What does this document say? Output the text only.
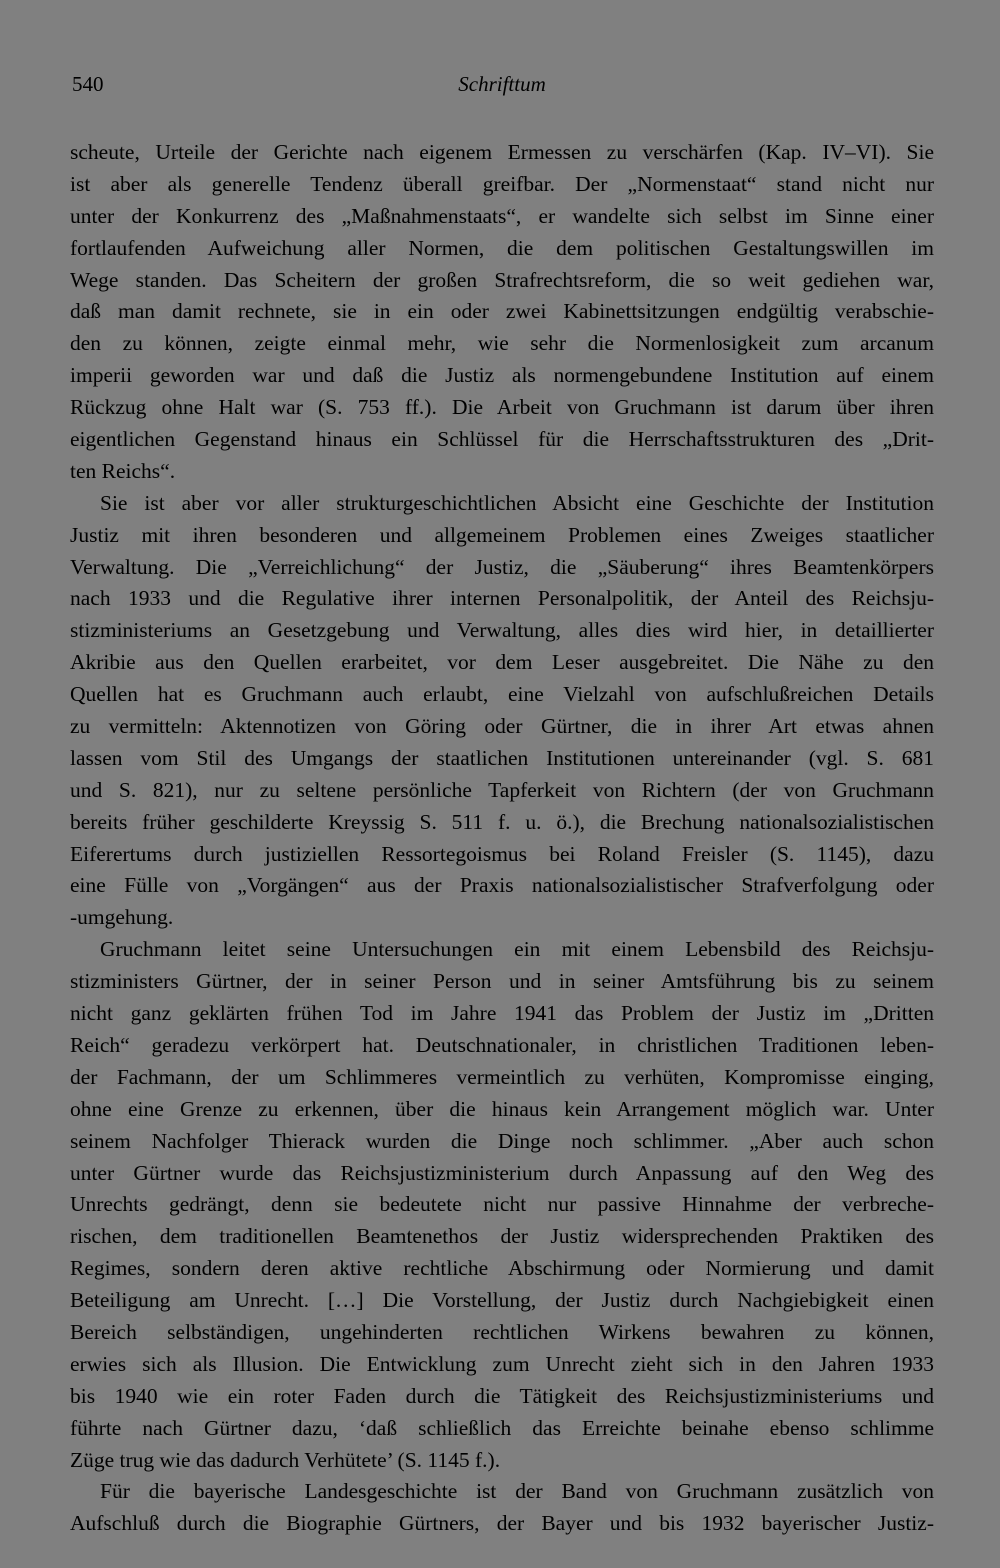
540	Schrifttum
scheute, Urteile der Gerichte nach eigenem Ermessen zu verschärfen (Kap. IV–VI). Sie
ist aber als generelle Tendenz überall greifbar. Der „Normenstaat“ stand nicht nur
unter der Konkurrenz des „Maßnahmenstaats“, er wandelte sich selbst im Sinne einer
fortlaufenden Aufweichung aller Normen, die dem politischen Gestaltungswillen im
Wege standen. Das Scheitern der großen Strafrechtsreform, die so weit gediehen war,
daß man damit rechnete, sie in ein oder zwei Kabinettsitzungen endgültig verabschie-
den zu können, zeigte einmal mehr, wie sehr die Normenlosigkeit zum arcanum
imperii geworden war und daß die Justiz als normengebundene Institution auf einem
Rückzug ohne Halt war (S. 753 ff.). Die Arbeit von Gruchmann ist darum über ihren
eigentlichen Gegenstand hinaus ein Schlüssel für die Herrschaftsstrukturen des „Drit-
ten Reichs“.
Sie ist aber vor aller strukturgeschichtlichen Absicht eine Geschichte der Institution
Justiz mit ihren besonderen und allgemeinem Problemen eines Zweiges staatlicher
Verwaltung. Die „Verreichlichung“ der Justiz, die „Säuberung“ ihres Beamtenkörpers
nach 1933 und die Regulative ihrer internen Personalpolitik, der Anteil des Reichsju-
stizministeriums an Gesetzgebung und Verwaltung, alles dies wird hier, in detaillierter
Akribie aus den Quellen erarbeitet, vor dem Leser ausgebreitet. Die Nähe zu den
Quellen hat es Gruchmann auch erlaubt, eine Vielzahl von aufschlußreichen Details
zu vermitteln: Aktennotizen von Göring oder Gürtner, die in ihrer Art etwas ahnen
lassen vom Stil des Umgangs der staatlichen Institutionen untereinander (vgl. S. 681
und S. 821), nur zu seltene persönliche Tapferkeit von Richtern (der von Gruchmann
bereits früher geschilderte Kreyssig S. 511 f. u. ö.), die Brechung nationalsozialistischen
Eiferertums durch justiziellen Ressortegoismus bei Roland Freisler (S. 1145), dazu
eine Fülle von „Vorgängen“ aus der Praxis nationalsozialistischer Strafverfolgung oder
-umgehung.
Gruchmann leitet seine Untersuchungen ein mit einem Lebensbild des Reichsju-
stizministers Gürtner, der in seiner Person und in seiner Amtsführung bis zu seinem
nicht ganz geklärten frühen Tod im Jahre 1941 das Problem der Justiz im „Dritten
Reich“ geradezu verkörpert hat. Deutschnationaler, in christlichen Traditionen leben-
der Fachmann, der um Schlimmeres vermeintlich zu verhüten, Kompromisse einging,
ohne eine Grenze zu erkennen, über die hinaus kein Arrangement möglich war. Unter
seinem Nachfolger Thierack wurden die Dinge noch schlimmer. „Aber auch schon
unter Gürtner wurde das Reichsjustizministerium durch Anpassung auf den Weg des
Unrechts gedrängt, denn sie bedeutete nicht nur passive Hinnahme der verbreche-
rischen, dem traditionellen Beamtenethos der Justiz widersprechenden Praktiken des
Regimes, sondern deren aktive rechtliche Abschirmung oder Normierung und damit
Beteiligung am Unrecht. […] Die Vorstellung, der Justiz durch Nachgiebigkeit einen
Bereich selbständigen, ungehinderten rechtlichen Wirkens bewahren zu können,
erwies sich als Illusion. Die Entwicklung zum Unrecht zieht sich in den Jahren 1933
bis 1940 wie ein roter Faden durch die Tätigkeit des Reichsjustizministeriums und
führte nach Gürtner dazu, ‘daß schließlich das Erreichte beinahe ebenso schlimme
Züge trug wie das dadurch Verhütete’ (S. 1145 f.).
Für die bayerische Landesgeschichte ist der Band von Gruchmann zusätzlich von
Aufschluß durch die Biographie Gürtners, der Bayer und bis 1932 bayerischer Justiz-
